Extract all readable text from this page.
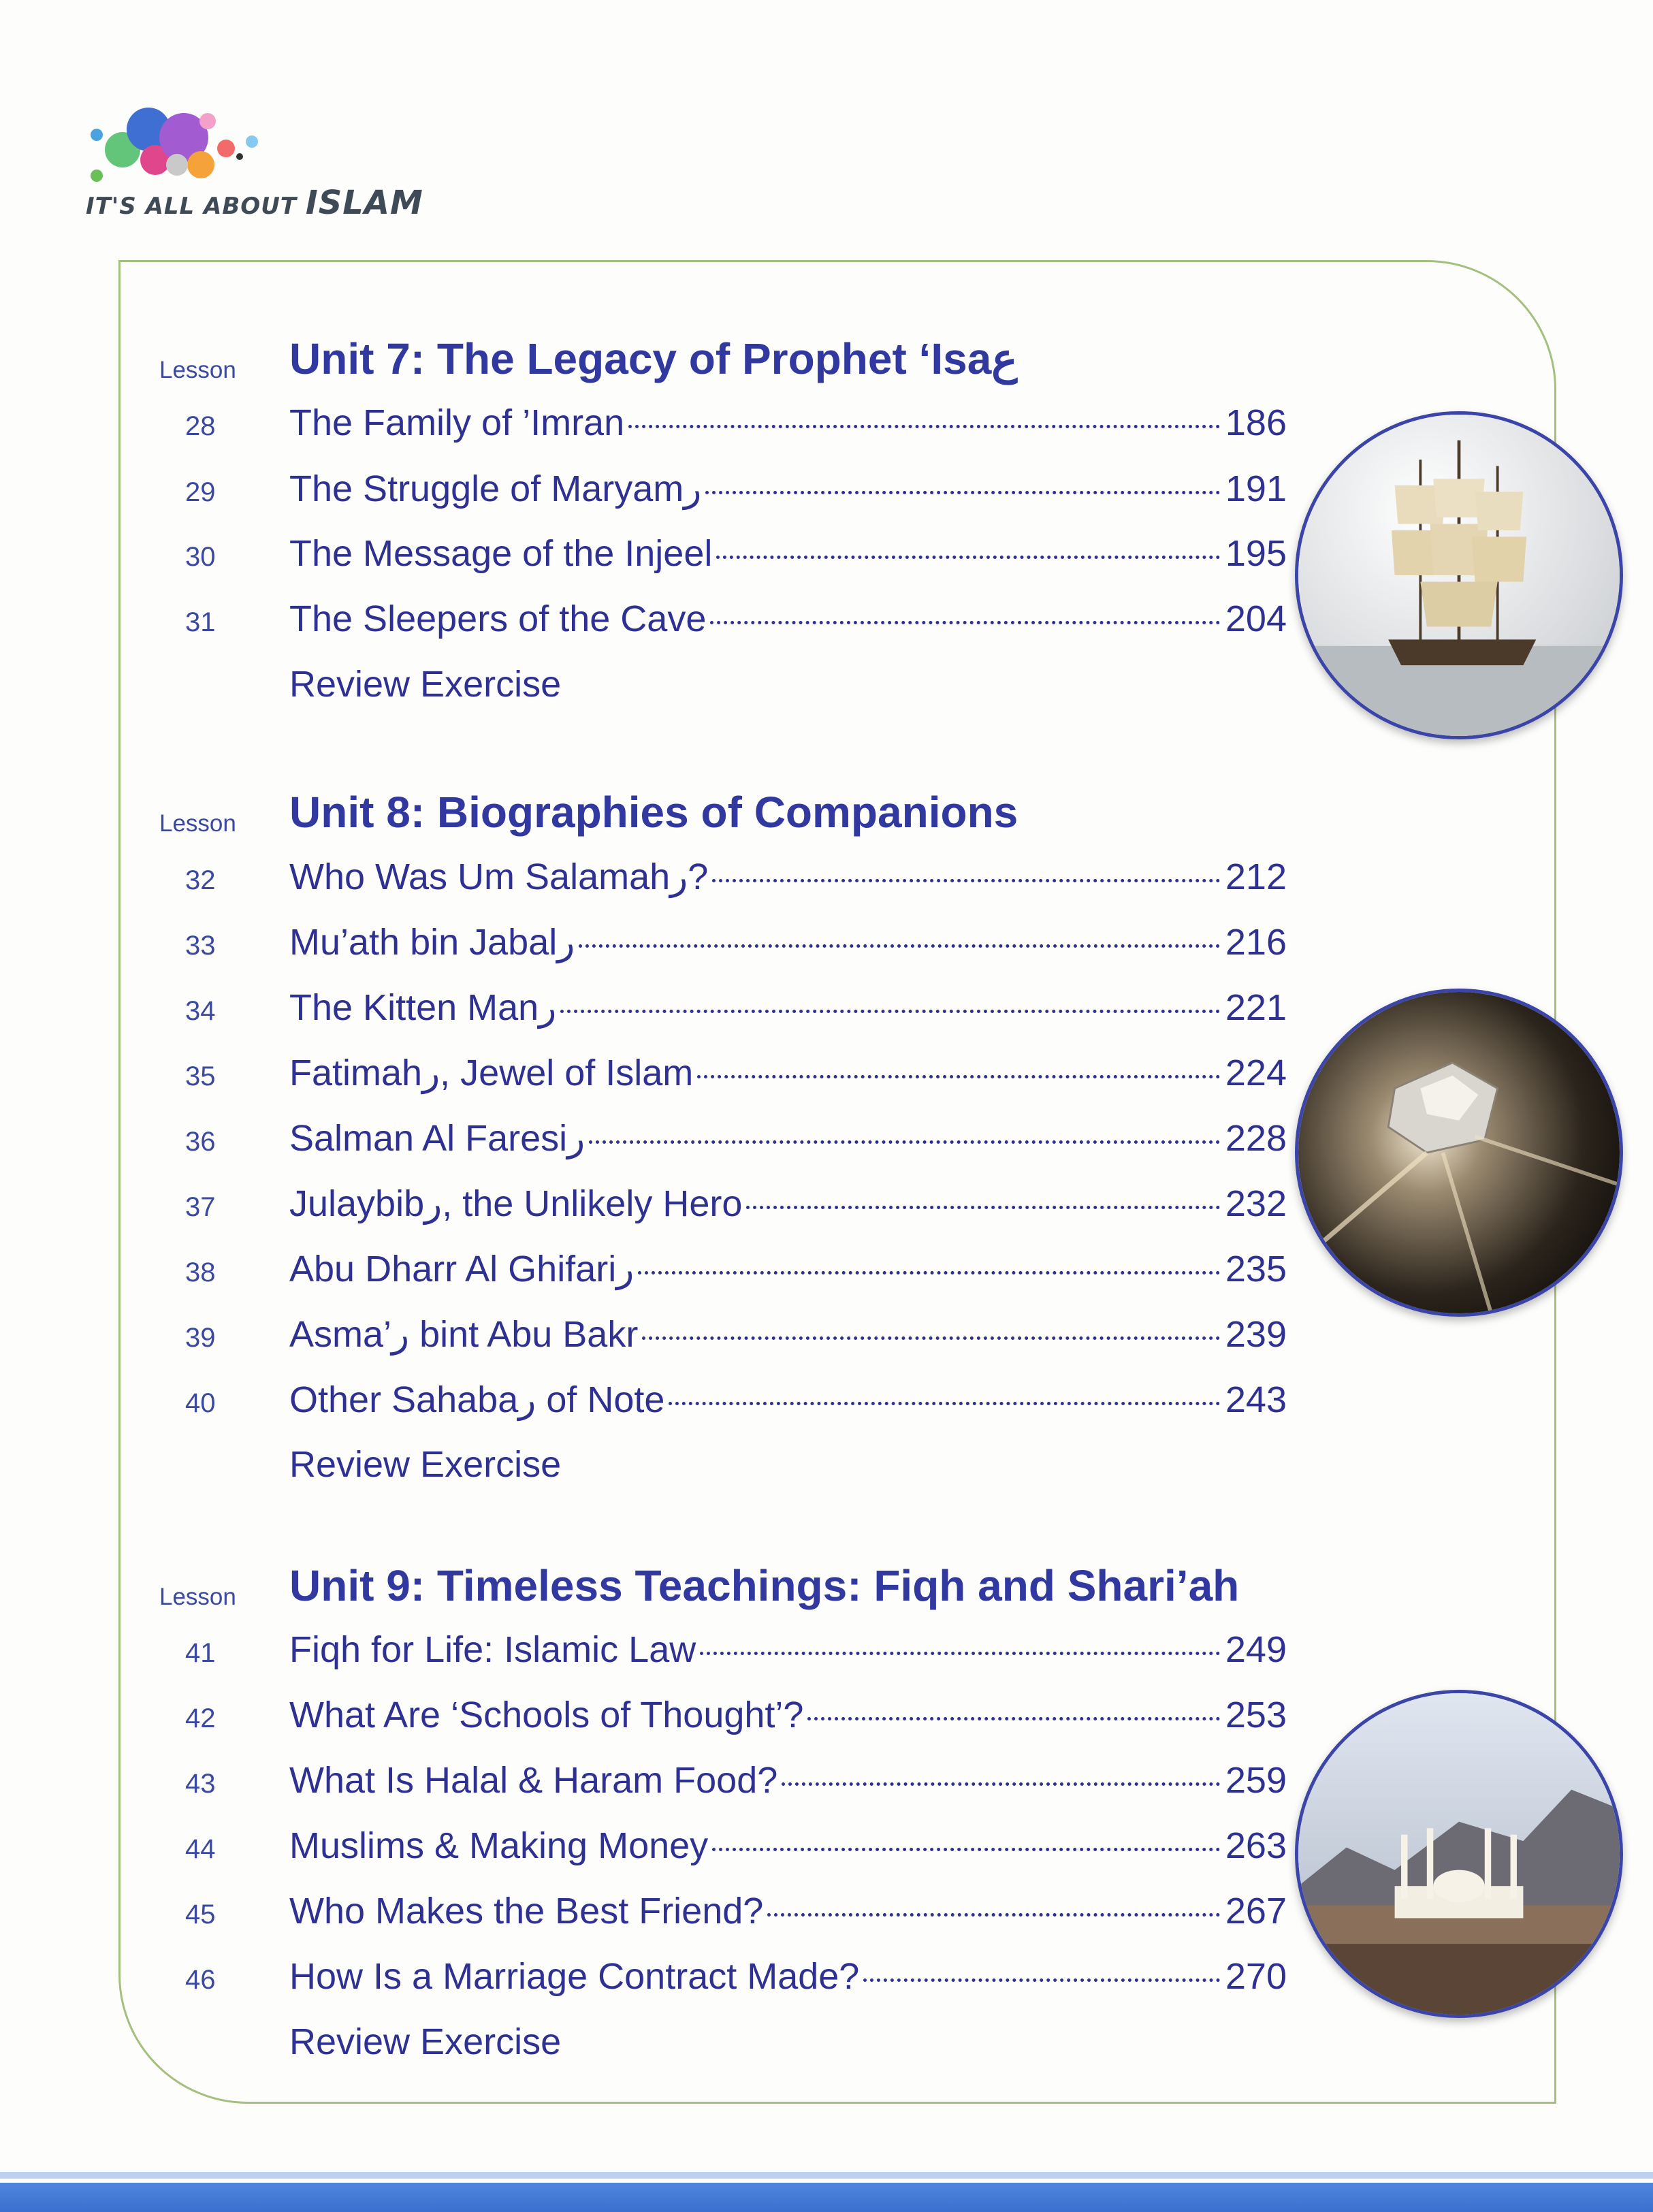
IT'S ALL ABOUT ISLAM
Lesson Unit 7: The Legacy of Prophet ‘Isaع
28	The Family of ’Imran	186
29	The Struggle of Maryamر	191
30	The Message of the Injeel	195
31	The Sleepers of the Cave	204
Review Exercise
Lesson Unit 8: Biographies of Companions
32	Who Was Um Salamahر?	212
33	Mu’ath bin Jabalر	216
34	The Kitten Manر	221
35	Fatimahر, Jewel of Islam	224
36	Salman Al Faresiر	228
37	Julaybibر, the Unlikely Hero	232
38	Abu Dharr Al Ghifariر	235
39	Asma’ر bint Abu Bakr	239
40	Other Sahabaر of Note	243
Review Exercise
Lesson Unit 9: Timeless Teachings: Fiqh and Shari’ah
41	Fiqh for Life: Islamic Law	249
42	What Are ‘Schools of Thought’?	253
43	What Is Halal & Haram Food?	259
44	Muslims & Making Money	263
45	Who Makes the Best Friend?	267
46	How Is a Marriage Contract Made?	270
Review Exercise
